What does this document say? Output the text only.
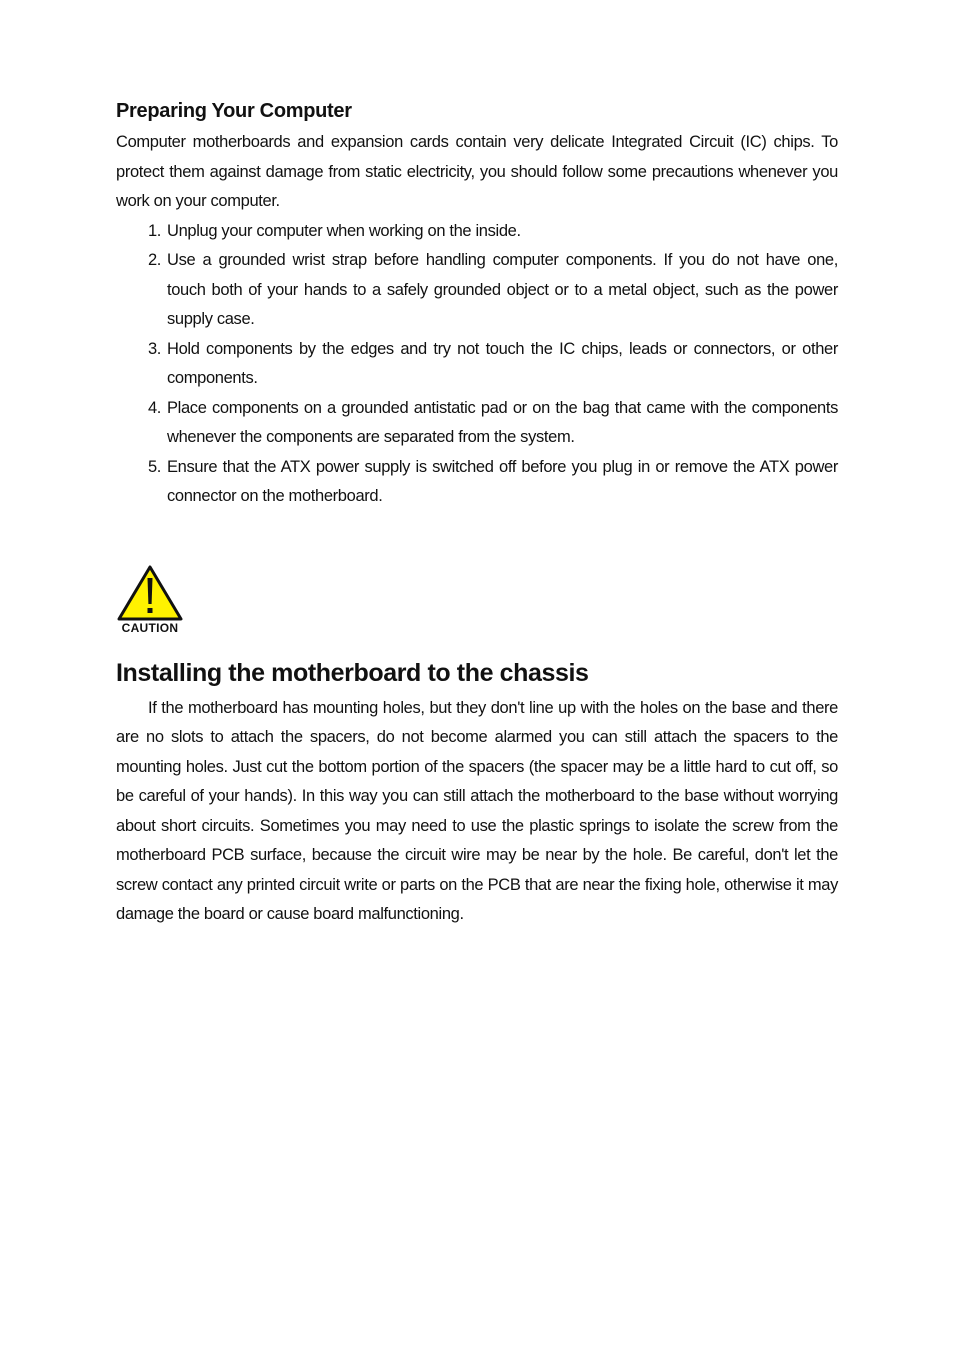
Preparing Your Computer

Computer motherboards and expansion cards contain very delicate Integrated Circuit (IC) chips. To protect them against damage from static electricity, you should follow some precautions whenever you work on your computer.

1. Unplug your computer when working on the inside.
2. Use a grounded wrist strap before handling computer components. If you do not have one, touch both of your hands to a safely grounded object or to a metal object, such as the power supply case.
3. Hold components by the edges and try not touch the IC chips, leads or connectors, or other components.
4. Place components on a grounded antistatic pad or on the bag that came with the components whenever the components are separated from the system.
5. Ensure that the ATX power supply is switched off before you plug in or remove the ATX power connector on the motherboard.
CAUTION
Installing the motherboard to the chassis

If the motherboard has mounting holes, but they don't line up with the holes on the base and there are no slots to attach the spacers, do not become alarmed you can still attach the spacers to the mounting holes. Just cut the bottom portion of the spacers (the spacer may be a little hard to cut off, so be careful of your hands). In this way you can still attach the motherboard to the base without worrying about short circuits. Sometimes you may need to use the plastic springs to isolate the screw from the motherboard PCB surface, because the circuit wire may be near by the hole. Be careful, don't let the screw contact any printed circuit write or parts on the PCB that are near the fixing hole, otherwise it may damage the board or cause board malfunctioning.
